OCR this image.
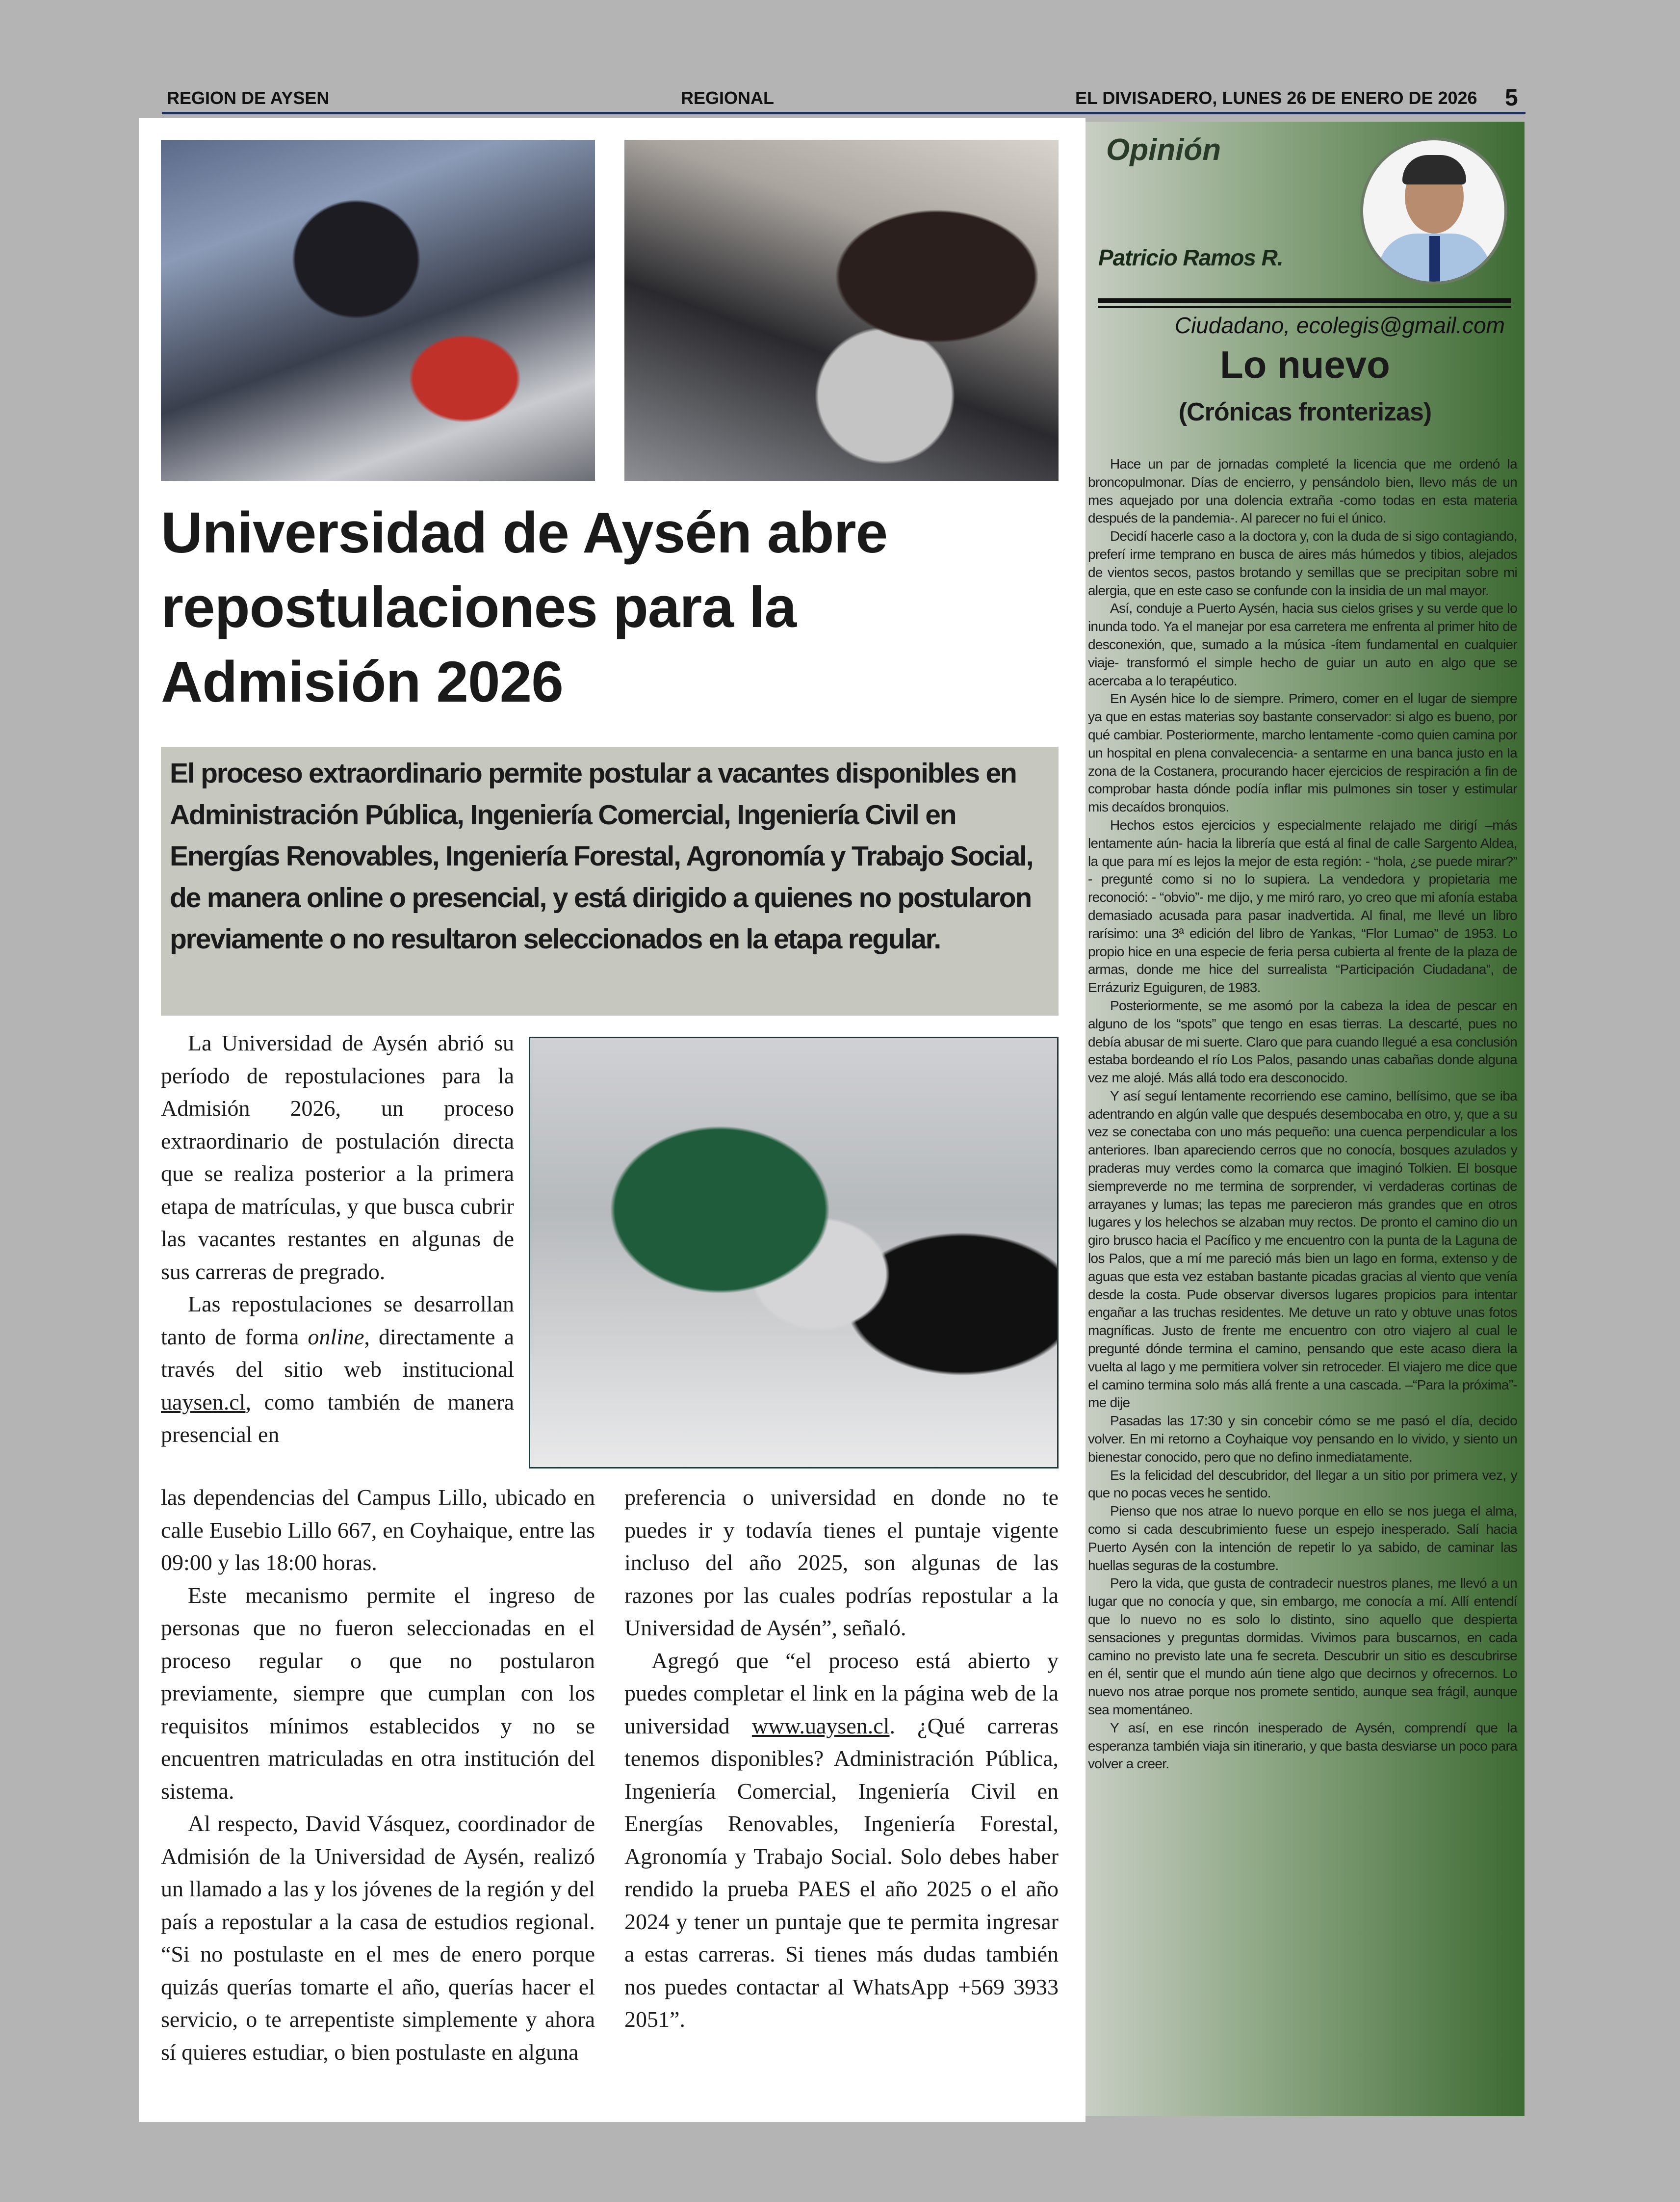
REGION DE AYSEN	REGIONAL	EL DIVISADERO, LUNES 26 DE ENERO DE 2026 5
Universidad de Aysén abre repostulaciones para la Admisión 2026

El proceso extraordinario permite postular a vacantes disponibles en Administración Pública, Ingeniería Comercial, Ingeniería Civil en Energías Renovables, Ingeniería Forestal, Agronomía y Trabajo Social, de manera online o presencial, y está dirigido a quienes no postularon previamente o no resultaron seleccionados en la etapa regular.

La Universidad de Aysén abrió su período de repostulaciones para la Admisión 2026, un proceso extraordinario de postulación directa que se realiza posterior a la primera etapa de matrículas, y que busca cubrir las vacantes restantes en algunas de sus carreras de pregrado.

Las repostulaciones se desarrollan tanto de forma online, directamente a través del sitio web institucional uaysen.cl, como también de manera presencial en

las dependencias del Campus Lillo, ubicado en calle Eusebio Lillo 667, en Coyhaique, entre las 09:00 y las 18:00 horas.

Este mecanismo permite el ingreso de personas que no fueron seleccionadas en el proceso regular o que no postularon previamente, siempre que cumplan con los requisitos mínimos establecidos y no se encuentren matriculadas en otra institución del sistema.

Al respecto, David Vásquez, coordinador de Admisión de la Universidad de Aysén, realizó un llamado a las y los jóvenes de la región y del país a repostular a la casa de estudios regional. “Si no postulaste en el mes de enero porque quizás querías tomarte el año, querías hacer el servicio, o te arrepentiste simplemente y ahora sí quieres estudiar, o bien postulaste en alguna

preferencia o universidad en donde no te puedes ir y todavía tienes el puntaje vigente incluso del año 2025, son algunas de las razones por las cuales podrías repostular a la Universidad de Aysén”, señaló.

Agregó que “el proceso está abierto y puedes completar el link en la página web de la universidad www.uaysen.cl. ¿Qué carreras tenemos disponibles? Administración Pública, Ingeniería Comercial, Ingeniería Civil en Energías Renovables, Ingeniería Forestal, Agronomía y Trabajo Social. Solo debes haber rendido la prueba PAES el año 2025 o el año 2024 y tener un puntaje que te permita ingresar a estas carreras. Si tienes más dudas también nos puedes contactar al WhatsApp +569 3933 2051”.

Opinión
Patricio Ramos R.
Ciudadano, ecolegis@gmail.com
Lo nuevo
(Crónicas fronterizas)

Hace un par de jornadas completé la licencia que me ordenó la broncopulmonar. Días de encierro, y pensándolo bien, llevo más de un mes aquejado por una dolencia extraña -como todas en esta materia después de la pandemia-. Al parecer no fui el único.

Decidí hacerle caso a la doctora y, con la duda de si sigo contagiando, preferí irme temprano en busca de aires más húmedos y tibios, alejados de vientos secos, pastos brotando y semillas que se precipitan sobre mi alergia, que en este caso se confunde con la insidia de un mal mayor.

Así, conduje a Puerto Aysén, hacia sus cielos grises y su verde que lo inunda todo. Ya el manejar por esa carretera me enfrenta al primer hito de desconexión, que, sumado a la música -ítem fundamental en cualquier viaje- transformó el simple hecho de guiar un auto en algo que se acercaba a lo terapéutico.

En Aysén hice lo de siempre. Primero, comer en el lugar de siempre ya que en estas materias soy bastante conservador: si algo es bueno, por qué cambiar. Posteriormente, marcho lentamente -como quien camina por un hospital en plena convalecencia- a sentarme en una banca justo en la zona de la Costanera, procurando hacer ejercicios de respiración a fin de comprobar hasta dónde podía inflar mis pulmones sin toser y estimular mis decaídos bronquios.

Hechos estos ejercicios y especialmente relajado me dirigí –más lentamente aún- hacia la librería que está al final de calle Sargento Aldea, la que para mí es lejos la mejor de esta región: - “hola, ¿se puede mirar?” - pregunté como si no lo supiera. La vendedora y propietaria me reconoció: - “obvio”- me dijo, y me miró raro, yo creo que mi afonía estaba demasiado acusada para pasar inadvertida. Al final, me llevé un libro rarísimo: una 3ª edición del libro de Yankas, “Flor Lumao” de 1953. Lo propio hice en una especie de feria persa cubierta al frente de la plaza de armas, donde me hice del surrealista “Participación Ciudadana”, de Errázuriz Eguiguren, de 1983.

Posteriormente, se me asomó por la cabeza la idea de pescar en alguno de los “spots” que tengo en esas tierras. La descarté, pues no debía abusar de mi suerte. Claro que para cuando llegué a esa conclusión estaba bordeando el río Los Palos, pasando unas cabañas donde alguna vez me alojé. Más allá todo era desconocido.

Y así seguí lentamente recorriendo ese camino, bellísimo, que se iba adentrando en algún valle que después desembocaba en otro, y, que a su vez se conectaba con uno más pequeño: una cuenca perpendicular a los anteriores. Iban apareciendo cerros que no conocía, bosques azulados y praderas muy verdes como la comarca que imaginó Tolkien. El bosque siempreverde no me termina de sorprender, vi verdaderas cortinas de arrayanes y lumas; las tepas me parecieron más grandes que en otros lugares y los helechos se alzaban muy rectos. De pronto el camino dio un giro brusco hacia el Pacífico y me encuentro con la punta de la Laguna de los Palos, que a mí me pareció más bien un lago en forma, extenso y de aguas que esta vez estaban bastante picadas gracias al viento que venía desde la costa. Pude observar diversos lugares propicios para intentar engañar a las truchas residentes. Me detuve un rato y obtuve unas fotos magníficas. Justo de frente me encuentro con otro viajero al cual le pregunté dónde termina el camino, pensando que este acaso diera la vuelta al lago y me permitiera volver sin retroceder. El viajero me dice que el camino termina solo más allá frente a una cascada. –“Para la próxima”- me dije

Pasadas las 17:30 y sin concebir cómo se me pasó el día, decido volver. En mi retorno a Coyhaique voy pensando en lo vivido, y siento un bienestar conocido, pero que no defino inmediatamente.

Es la felicidad del descubridor, del llegar a un sitio por primera vez, y que no pocas veces he sentido.

Pienso que nos atrae lo nuevo porque en ello se nos juega el alma, como si cada descubrimiento fuese un espejo inesperado. Salí hacia Puerto Aysén con la intención de repetir lo ya sabido, de caminar las huellas seguras de la costumbre.

Pero la vida, que gusta de contradecir nuestros planes, me llevó a un lugar que no conocía y que, sin embargo, me conocía a mí. Allí entendí que lo nuevo no es solo lo distinto, sino aquello que despierta sensaciones y preguntas dormidas. Vivimos para buscarnos, en cada camino no previsto late una fe secreta. Descubrir un sitio es descubrirse en él, sentir que el mundo aún tiene algo que decirnos y ofrecernos. Lo nuevo nos atrae porque nos promete sentido, aunque sea frágil, aunque sea momentáneo.

Y así, en ese rincón inesperado de Aysén, comprendí que la esperanza también viaja sin itinerario, y que basta desviarse un poco para volver a creer.
